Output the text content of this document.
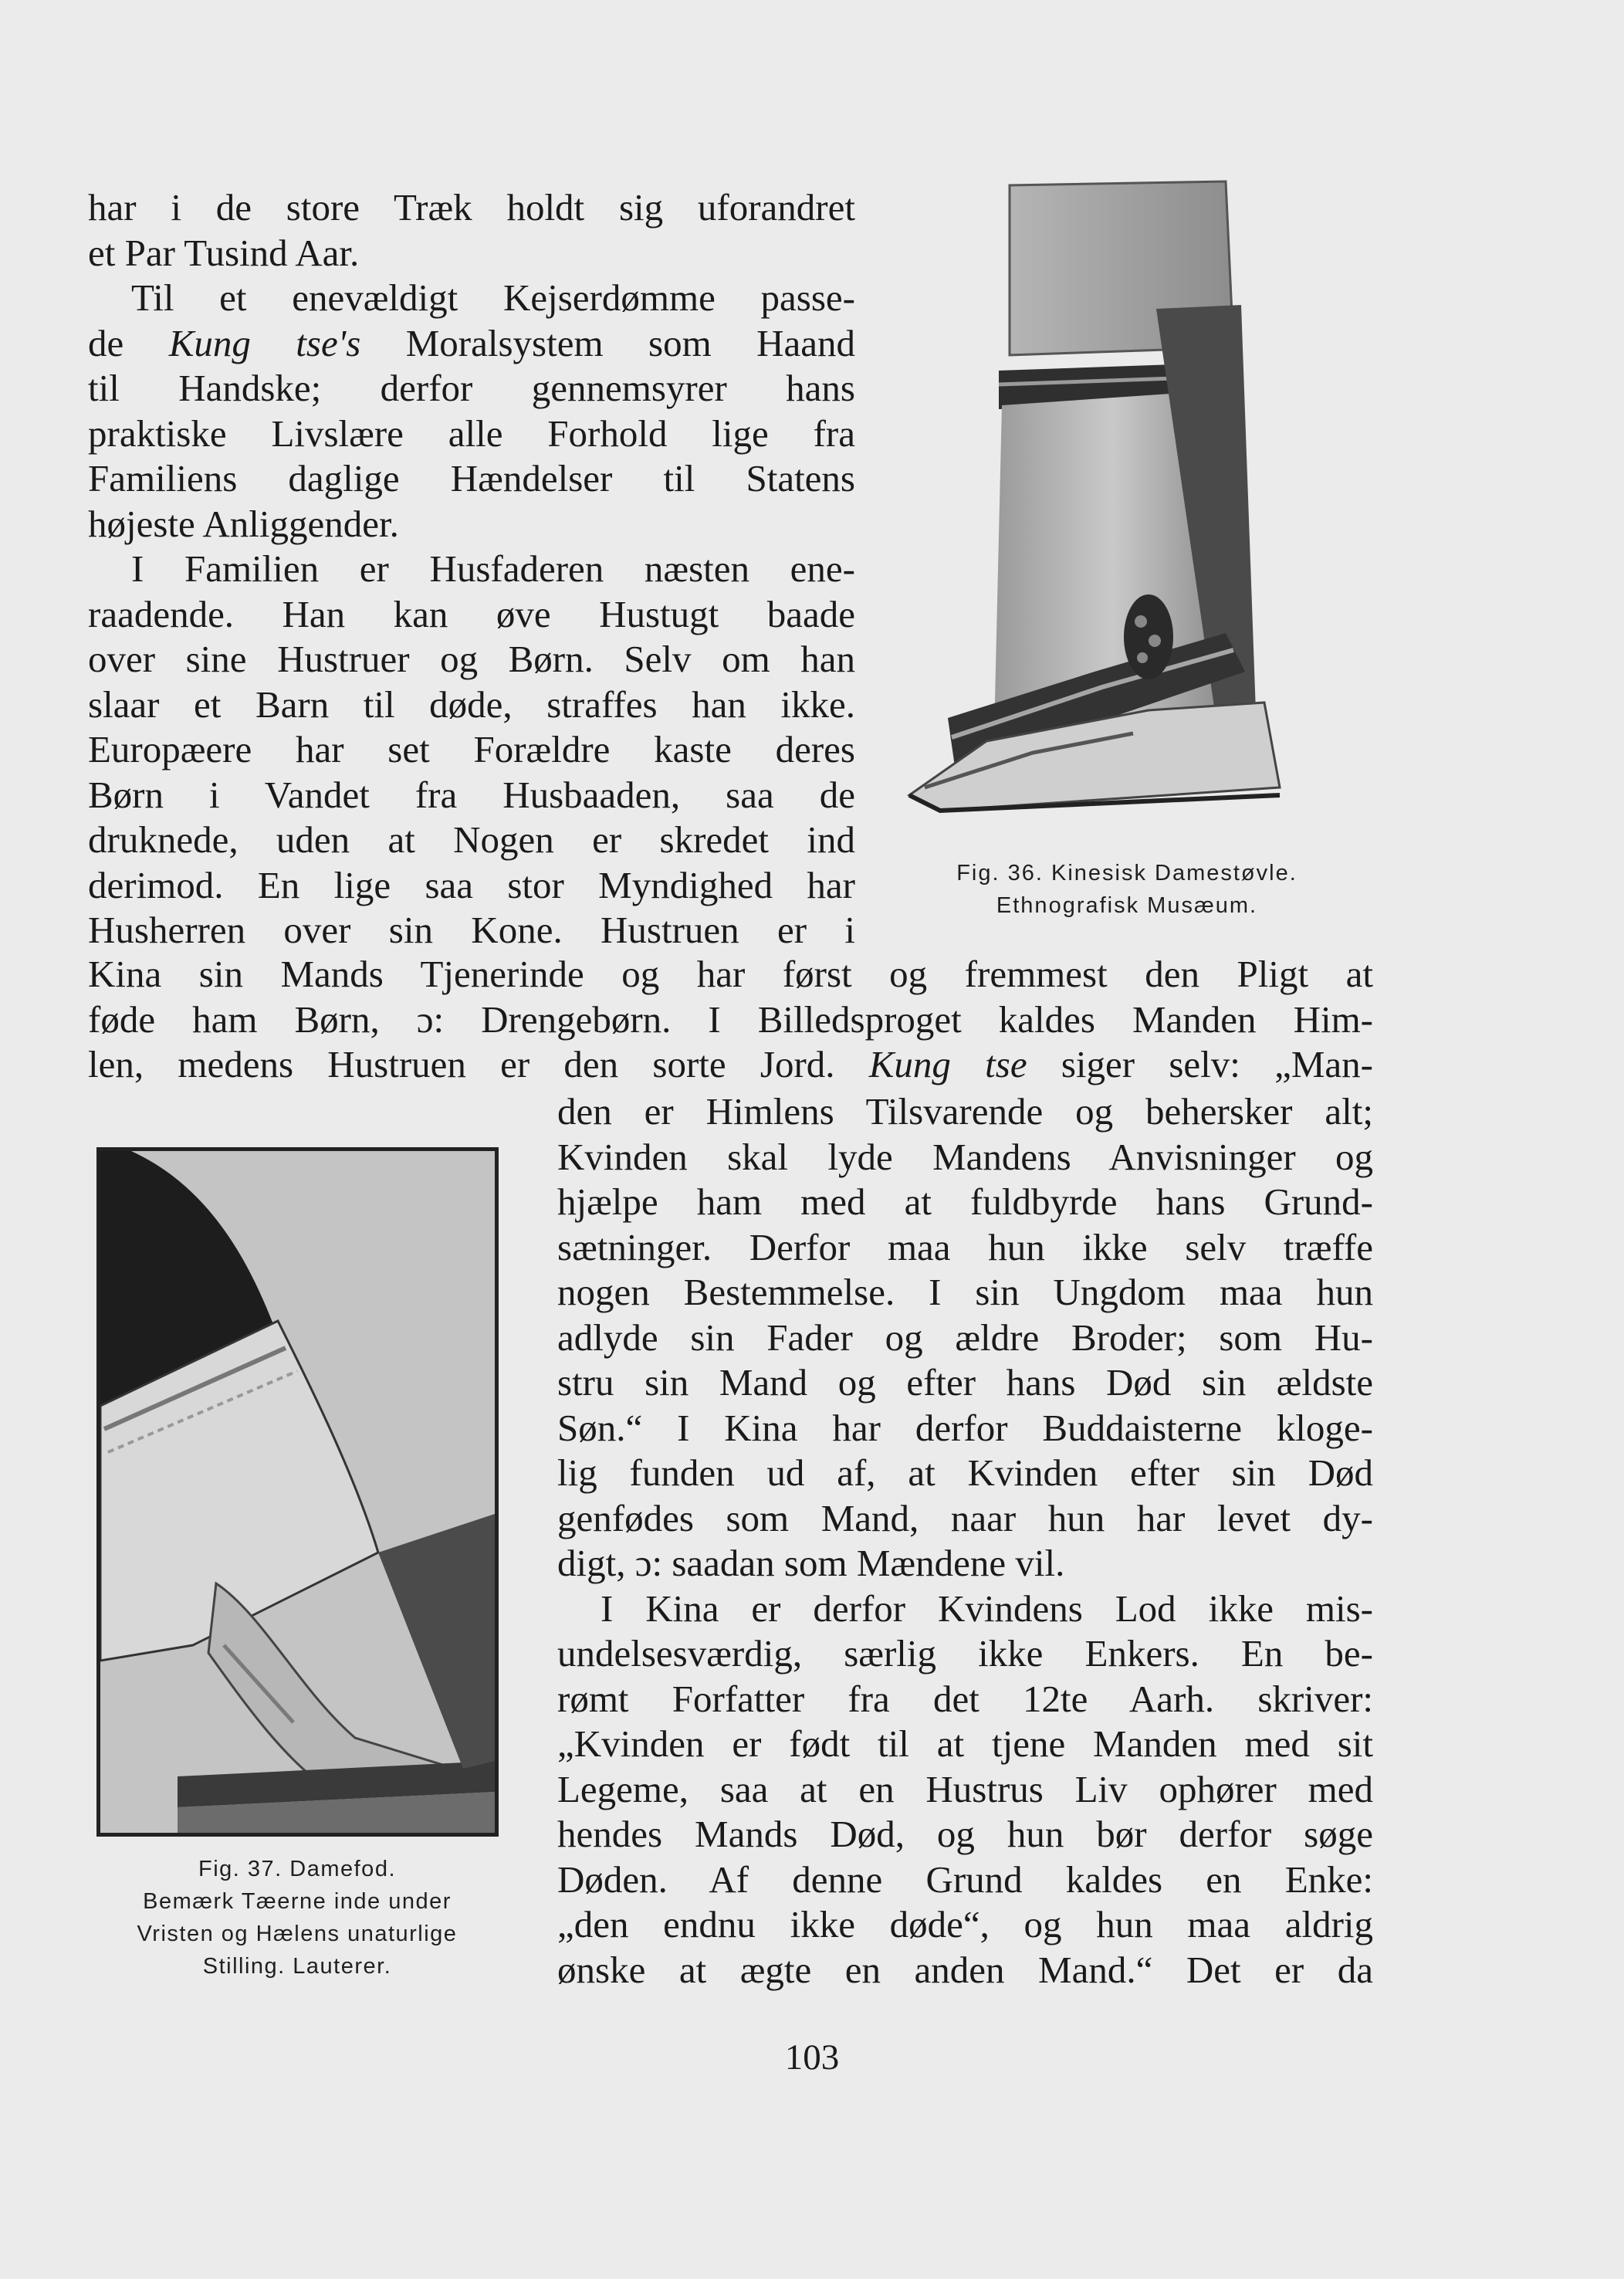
har i de store Træk holdt sig uforandret
et Par Tusind Aar.
Til et enevældigt Kejserdømme passe-
de Kung tse's Moralsystem som Haand
til Handske; derfor gennemsyrer hans
praktiske Livslære alle Forhold lige fra
Familiens daglige Hændelser til Statens
højeste Anliggender.
I Familien er Husfaderen næsten ene-
raadende. Han kan øve Hustugt baade
over sine Hustruer og Børn. Selv om han
slaar et Barn til døde, straffes han ikke.
Europæere har set Forældre kaste deres
Børn i Vandet fra Husbaaden, saa de
druknede, uden at Nogen er skredet ind
derimod. En lige saa stor Myndighed har
Husherren over sin Kone. Hustruen er i
Kina sin Mands Tjenerinde og har først og fremmest den Pligt at
føde ham Børn, ɔ: Drengebørn. I Billedsproget kaldes Manden Him-
len, medens Hustruen er den sorte Jord. Kung tse siger selv: „Man-
den er Himlens Tilsvarende og behersker alt;
Kvinden skal lyde Mandens Anvisninger og
hjælpe ham med at fuldbyrde hans Grund-
sætninger. Derfor maa hun ikke selv træffe
nogen Bestemmelse. I sin Ungdom maa hun
adlyde sin Fader og ældre Broder; som Hu-
stru sin Mand og efter hans Død sin ældste
Søn.“ I Kina har derfor Buddaisterne kloge-
lig funden ud af, at Kvinden efter sin Død
genfødes som Mand, naar hun har levet dy-
digt, ɔ: saadan som Mændene vil.
I Kina er derfor Kvindens Lod ikke mis-
undelsesværdig, særlig ikke Enkers. En be-
rømt Forfatter fra det 12te Aarh. skriver:
„Kvinden er født til at tjene Manden med sit
Legeme, saa at en Hustrus Liv ophører med
hendes Mands Død, og hun bør derfor søge
Døden. Af denne Grund kaldes en Enke:
„den endnu ikke døde“, og hun maa aldrig
ønske at ægte en anden Mand.“ Det er da
Fig. 36. Kinesisk Damestøvle.
Ethnografisk Musæum.
Fig. 37. Damefod.
Bemærk Tæerne inde under
Vristen og Hælens unaturlige
Stilling. Lauterer.
103
